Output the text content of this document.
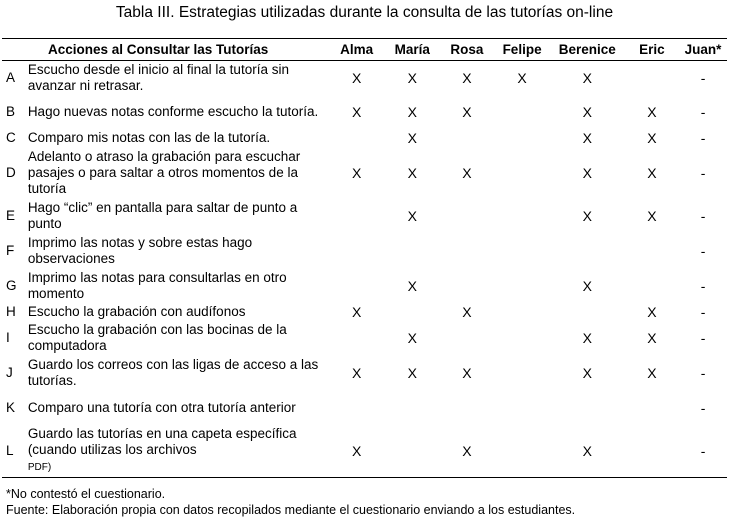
Tabla III. Estrategias utilizadas durante la consulta de las tutorías on-line
Acciones al Consultar las Tutorías		Alma	María	Rosa	Felipe	Berenice	Eric	Juan*
A	Escucho desde el inicio al final la tutoría sin avanzar ni retrasar.	X	X	X	X	X		-
B	Hago nuevas notas conforme escucho la tutoría.	X	X	X		X	X	-
C	Comparo mis notas con las de la tutoría.		X			X	X	-
D	Adelanto o atraso la grabación para escuchar pasajes o para saltar a otros momentos de la tutoría	X	X	X		X	X	-
E	Hago “clic” en pantalla para saltar de punto a punto		X			X	X	-
F	Imprimo las notas y sobre estas hago observaciones							-
G	Imprimo las notas para consultarlas en otro momento		X			X		-
H	Escucho la grabación con audífonos	X		X			X	-
I	Escucho la grabación con las bocinas de la computadora		X			X	X	-
J	Guardo los correos con las ligas de acceso a las tutorías.	X	X	X		X	X	-
K	Comparo una tutoría con otra tutoría anterior							-
L	Guardo las tutorías en una capeta específica (cuando utilizas los archivos
PDF)	X		X		X		-
*No contestó el cuestionario.
Fuente: Elaboración propia con datos recopilados mediante el cuestionario enviando a los estudiantes.
